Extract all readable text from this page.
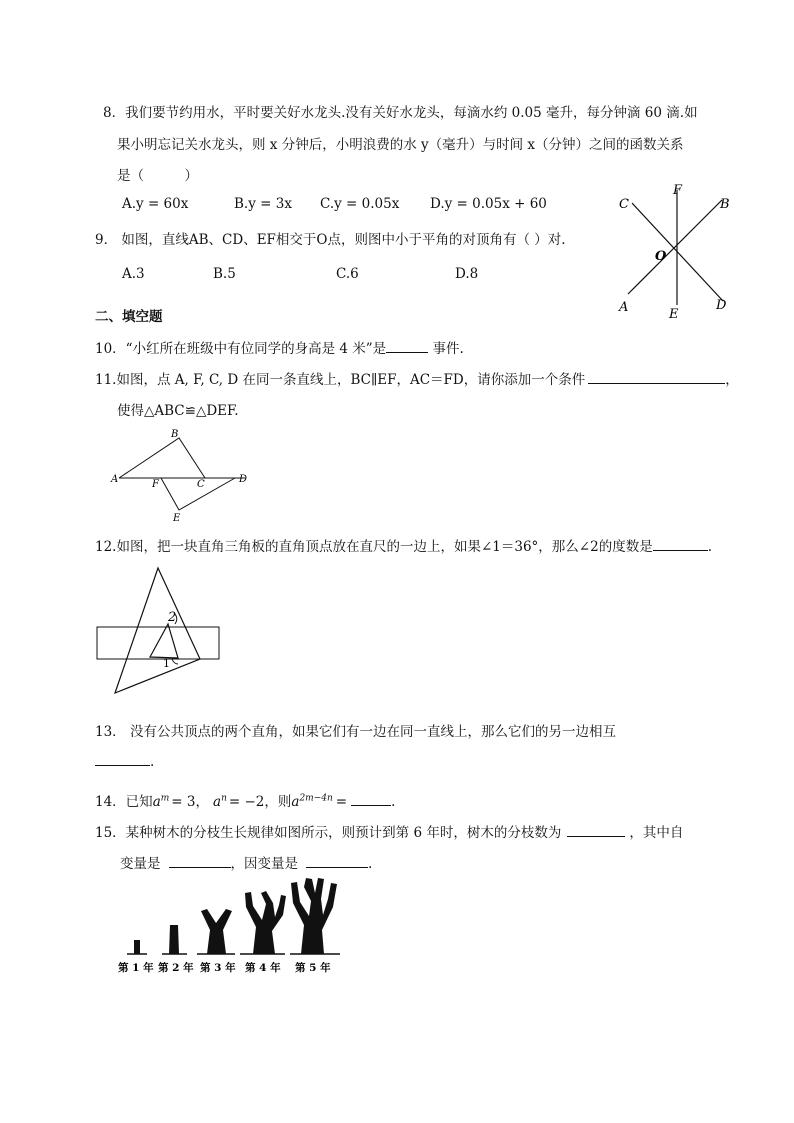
8．我们要节约用水，平时要关好水龙头.没有关好水龙头，每滴水约 0.05 毫升，每分钟滴 60 滴.如
果小明忘记关水龙头，则 x 分钟后，小明浪费的水 y（毫升）与时间 x（分钟）之间的函数关系
是（　　　）
A.y = 60x	B.y = 3x C.y = 0.05x D.y = 0.05x + 60
9． 如图，直线AB、CD、EF相交于O点，则图中小于平角的对顶角有（ ）对.
A.3	B.5	C.6	D.8
C
F
B
O
A	E
D
二、填空题
10．“小红所在班级中有位同学的身高是 4 米”是	事件.
11.如图，点 A, F, C, D 在同一条直线上，BC∥EF，AC＝FD，请你添加一个条件	，
使得△ABC≌△DEF.
A
B
F	C	D
E
12.如图，把一块直角三角板的直角顶点放在直尺的一边上，如果∠1＝36°，那么∠2的度数是	.
2
1
13． 没有公共顶点的两个直角，如果它们有一边在同一直线上，那么它们的另一边相互
.
14．已知$a^m = 3$， $a^n = -2$，则$a^{2m-4n}$ =	.
15．某种树木的分枝生长规律如图所示，则预计到第 6 年时，树木的分枝数为	，其中自
变量是	，因变量是	.
第 1 年 第 2 年 第 3 年 第 4 年 第 5 年
